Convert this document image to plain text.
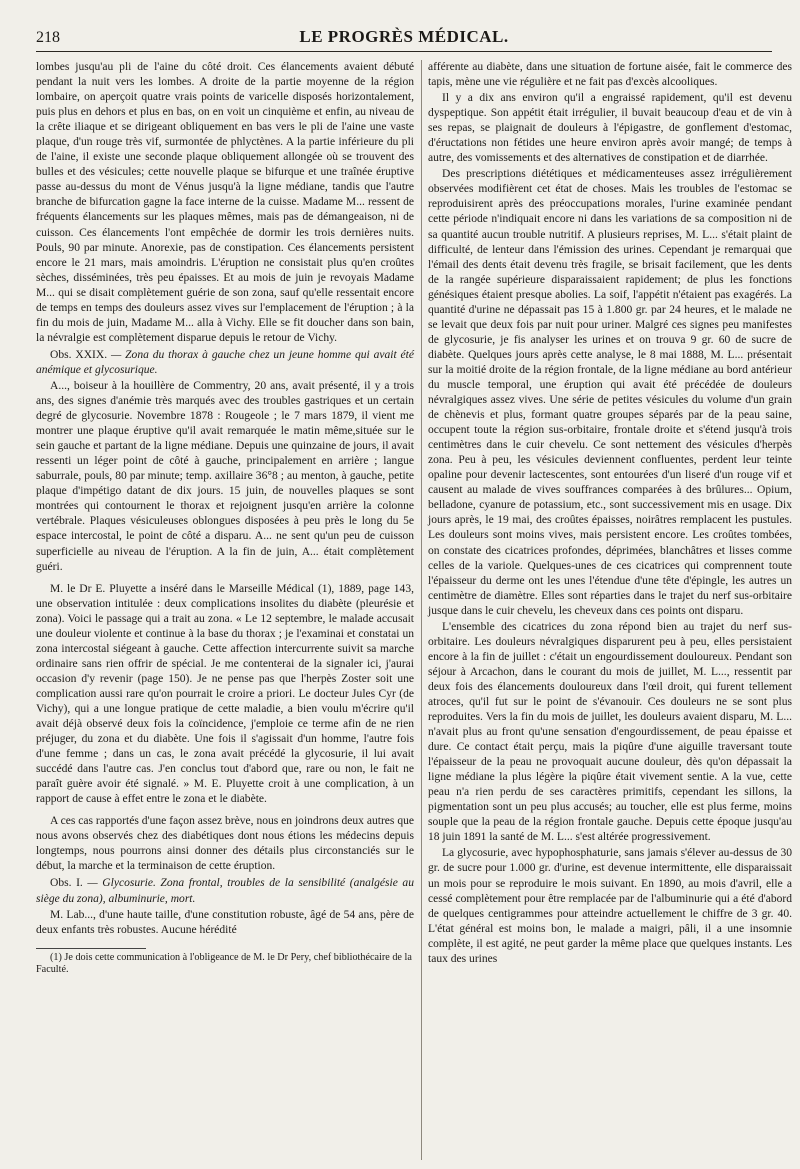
218	LE PROGRÈS MÉDICAL.

lombes jusqu'au pli de l'aine du côté droit. Ces élancements avaient débuté pendant la nuit vers les lombes. A droite de la partie moyenne de la région lombaire, on aperçoit quatre vrais points de varicelle disposés horizontalement, puis plus en dehors et plus en bas, on en voit un cinquième et enfin, au niveau de la crête iliaque et se dirigeant obliquement en bas vers le pli de l'aine une vaste plaque, d'un rouge très vif, surmontée de phlyctènes. A la partie inférieure du pli de l'aine, il existe une seconde plaque obliquement allongée où se trouvent des bulles et des vésicules; cette nouvelle plaque se bifurque et une traînée éruptive passe au-dessus du mont de Vénus jusqu'à la ligne médiane, tandis que l'autre branche de bifurcation gagne la face interne de la cuisse. Madame M... ressent de fréquents élancements sur les plaques mêmes, mais pas de démangeaison, ni de cuisson. Ces élancements l'ont empêchée de dormir les trois dernières nuits. Pouls, 90 par minute. Anorexie, pas de constipation. Ces élancements persistent encore le 21 mars, mais amoindris. L'éruption ne consistait plus qu'en croûtes sèches, disséminées, très peu épaisses. Et au mois de juin je revoyais Madame M... qui se disait complètement guérie de son zona, sauf qu'elle ressentait encore de temps en temps des douleurs assez vives sur l'emplacement de l'éruption ; à la fin du mois de juin, Madame M... alla à Vichy. Elle se fit doucher dans son bain, la névralgie est complètement disparue depuis le retour de Vichy.

Obs. XXIX. — Zona du thorax à gauche chez un jeune homme qui avait été anémique et glycosurique.

A..., boiseur à la houillère de Commentry, 20 ans, avait présenté, il y a trois ans, des signes d'anémie très marqués avec des troubles gastriques et un certain degré de glycosurie. Novembre 1878 : Rougeole ; le 7 mars 1879, il vient me montrer une plaque éruptive qu'il avait remarquée le matin même,située sur le sein gauche et partant de la ligne médiane. Depuis une quinzaine de jours, il avait ressenti un léger point de côté à gauche, principalement en arrière ; langue saburrale, pouls, 80 par minute; temp. axillaire 36°8 ; au menton, à gauche, petite plaque d'impétigo datant de dix jours. 15 juin, de nouvelles plaques se sont montrées qui contournent le thorax et rejoignent jusqu'en arrière la colonne vertébrale. Plaques vésiculeuses oblongues disposées à peu près le long du 5e espace intercostal, le point de côté a disparu. A... ne sent qu'un peu de cuisson superficielle au niveau de l'éruption. A la fin de juin, A... était complètement guéri.

M. le Dr E. Pluyette a inséré dans le Marseille Médical (1), 1889, page 143, une observation intitulée : deux complications insolites du diabète (pleurésie et zona). Voici le passage qui a trait au zona. « Le 12 septembre, le malade accusait une douleur violente et continue à la base du thorax ; je l'examinai et constatai un zona intercostal siégeant à gauche. Cette affection intercurrente suivit sa marche ordinaire sans rien offrir de spécial. Je me contenterai de la signaler ici, j'aurai occasion d'y revenir (page 150). Je ne pense pas que l'herpès Zoster soit une complication aussi rare qu'on pourrait le croire a priori. Le docteur Jules Cyr (de Vichy), qui a une longue pratique de cette maladie, a bien voulu m'écrire qu'il avait déjà observé deux fois la coïncidence, j'emploie ce terme afin de ne rien préjuger, du zona et du diabète. Une fois il s'agissait d'un homme, l'autre fois d'une femme ; dans un cas, le zona avait précédé la glycosurie, il lui avait succédé dans l'autre cas. J'en conclus tout d'abord que, rare ou non, le fait ne paraît guère avoir été signalé. » M. E. Pluyette croit à une complication, à un rapport de cause à effet entre le zona et le diabète.

A ces cas rapportés d'une façon assez brève, nous en joindrons deux autres que nous avons observés chez des diabétiques dont nous étions les médecins depuis longtemps, nous pourrons ainsi donner des détails plus circonstanciés sur le début, la marche et la terminaison de cette éruption.

Obs. I. — Glycosurie. Zona frontal, troubles de la sensibilité (analgésie au siège du zona), albuminurie, mort.

M. Lab..., d'une haute taille, d'une constitution robuste, âgé de 54 ans, père de deux enfants très robustes. Aucune hérédité

(1) Je dois cette communication à l'obligeance de M. le Dr Pery, chef bibliothécaire de la Faculté.

afférente au diabète, dans une situation de fortune aisée, fait le commerce des tapis, mène une vie régulière et ne fait pas d'excès alcooliques.

Il y a dix ans environ qu'il a engraissé rapidement, qu'il est devenu dyspeptique. Son appétit était irrégulier, il buvait beaucoup d'eau et de vin à ses repas, se plaignait de douleurs à l'épigastre, de gonflement d'estomac, d'éructations non fétides une heure environ après avoir mangé; de temps à autre, des vomissements et des alternatives de constipation et de diarrhée.

Des prescriptions diététiques et médicamenteuses assez irrégulièrement observées modifièrent cet état de choses. Mais les troubles de l'estomac se reproduisirent après des préoccupations morales, l'urine examinée pendant cette période n'indiquait encore ni dans les variations de sa composition ni de sa quantité aucun trouble nutritif. A plusieurs reprises, M. L... s'était plaint de difficulté, de lenteur dans l'émission des urines. Cependant je remarquai que l'émail des dents était devenu très fragile, se brisait facilement, que les dents de la rangée supérieure disparaissaient rapidement; de plus les fonctions génésiques étaient presque abolies. La soif, l'appétit n'étaient pas exagérés. La quantité d'urine ne dépassait pas 15 à 1.800 gr. par 24 heures, et le malade ne se levait que deux fois par nuit pour uriner. Malgré ces signes peu manifestes de glycosurie, je fis analyser les urines et on trouva 9 gr. 60 de sucre de diabète. Quelques jours après cette analyse, le 8 mai 1888, M. L... présentait sur la moitié droite de la région frontale, de la ligne médiane au bord antérieur du muscle temporal, une éruption qui avait été précédée de douleurs névralgiques assez vives. Une série de petites vésicules du volume d'un grain de chènevis et plus, formant quatre groupes séparés par de la peau saine, occupent toute la région sus-orbitaire, frontale droite et s'étend jusqu'à trois centimètres dans le cuir chevelu. Ce sont nettement des vésicules d'herpès zona. Peu à peu, les vésicules deviennent confluentes, perdent leur teinte opaline pour devenir lactescentes, sont entourées d'un liseré d'un rouge vif et causent au malade de vives souffrances comparées à des brûlures... Opium, belladone, cyanure de potassium, etc., sont successivement mis en usage. Dix jours après, le 19 mai, des croûtes épaisses, noirâtres remplacent les pustules. Les douleurs sont moins vives, mais persistent encore. Les croûtes tombées, on constate des cicatrices profondes, déprimées, blanchâtres et lisses comme celles de la variole. Quelques-unes de ces cicatrices qui comprennent toute l'épaisseur du derme ont les unes l'étendue d'une tête d'épingle, les autres un centimètre de diamètre. Elles sont réparties dans le trajet du nerf sus-orbitaire jusque dans le cuir chevelu, les cheveux dans ces points ont disparu.

L'ensemble des cicatrices du zona répond bien au trajet du nerf sus-orbitaire. Les douleurs névralgiques disparurent peu à peu, elles persistaient encore à la fin de juillet : c'était un engourdissement douloureux. Pendant son séjour à Arcachon, dans le courant du mois de juillet, M. L..., ressentit par deux fois des élancements douloureux dans l'œil droit, qui furent tellement atroces, qu'il fut sur le point de s'évanouir. Ces douleurs ne se sont plus reproduites. Vers la fin du mois de juillet, les douleurs avaient disparu, M. L... n'avait plus au front qu'une sensation d'engourdissement, de peau épaisse et dure. Ce contact était perçu, mais la piqûre d'une aiguille traversant toute l'épaisseur de la peau ne provoquait aucune douleur, dès qu'on dépassait la ligne médiane la plus légère la piqûre était vivement sentie. A la vue, cette peau n'a rien perdu de ses caractères primitifs, cependant les sillons, la pigmentation sont un peu plus accusés; au toucher, elle est plus ferme, moins souple que la peau de la région frontale gauche. Depuis cette époque jusqu'au 18 juin 1891 la santé de M. L... s'est altérée progressivement.

La glycosurie, avec hypophosphaturie, sans jamais s'élever au-dessus de 30 gr. de sucre pour 1.000 gr. d'urine, est devenue intermittente, elle disparaissait un mois pour se reproduire le mois suivant. En 1890, au mois d'avril, elle a cessé complètement pour être remplacée par de l'albuminurie qui a été d'abord de quelques centigrammes pour atteindre actuellement le chiffre de 3 gr. 40. L'état général est moins bon, le malade a maigri, pâli, il a une insomnie complète, il est agité, ne peut garder la même place que quelques instants. Les taux des urines
